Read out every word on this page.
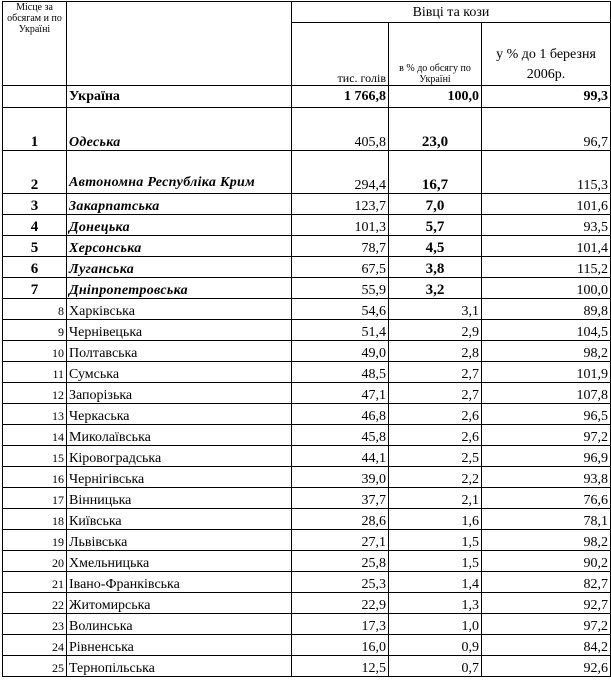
Місце за обсягам и по Україні		Вівці та кози		
		тис. голів	в % до обсягу по Україні	у % до 1 березня 2006р.
	Україна	1 766,8	100,0	99,3
1	Одеська	405,8	23,0	96,7
2	Автономна Республіка Крим	294,4	16,7	115,3
3	Закарпатська	123,7	7,0	101,6
4	Донецька	101,3	5,7	93,5
5	Херсонська	78,7	4,5	101,4
6	Луганська	67,5	3,8	115,2
7	Дніпропетровська	55,9	3,2	100,0
8	Харківська	54,6	3,1	89,8
9	Чернівецька	51,4	2,9	104,5
10	Полтавська	49,0	2,8	98,2
11	Сумська	48,5	2,7	101,9
12	Запорізька	47,1	2,7	107,8
13	Черкаська	46,8	2,6	96,5
14	Миколаївська	45,8	2,6	97,2
15	Кіровоградська	44,1	2,5	96,9
16	Чернігівська	39,0	2,2	93,8
17	Вінницька	37,7	2,1	76,6
18	Київська	28,6	1,6	78,1
19	Львівська	27,1	1,5	98,2
20	Хмельницька	25,8	1,5	90,2
21	Івано-Франківська	25,3	1,4	82,7
22	Житомирська	22,9	1,3	92,7
23	Волинська	17,3	1,0	97,2
24	Рівненська	16,0	0,9	84,2
25	Тернопільська	12,5	0,7	92,6
